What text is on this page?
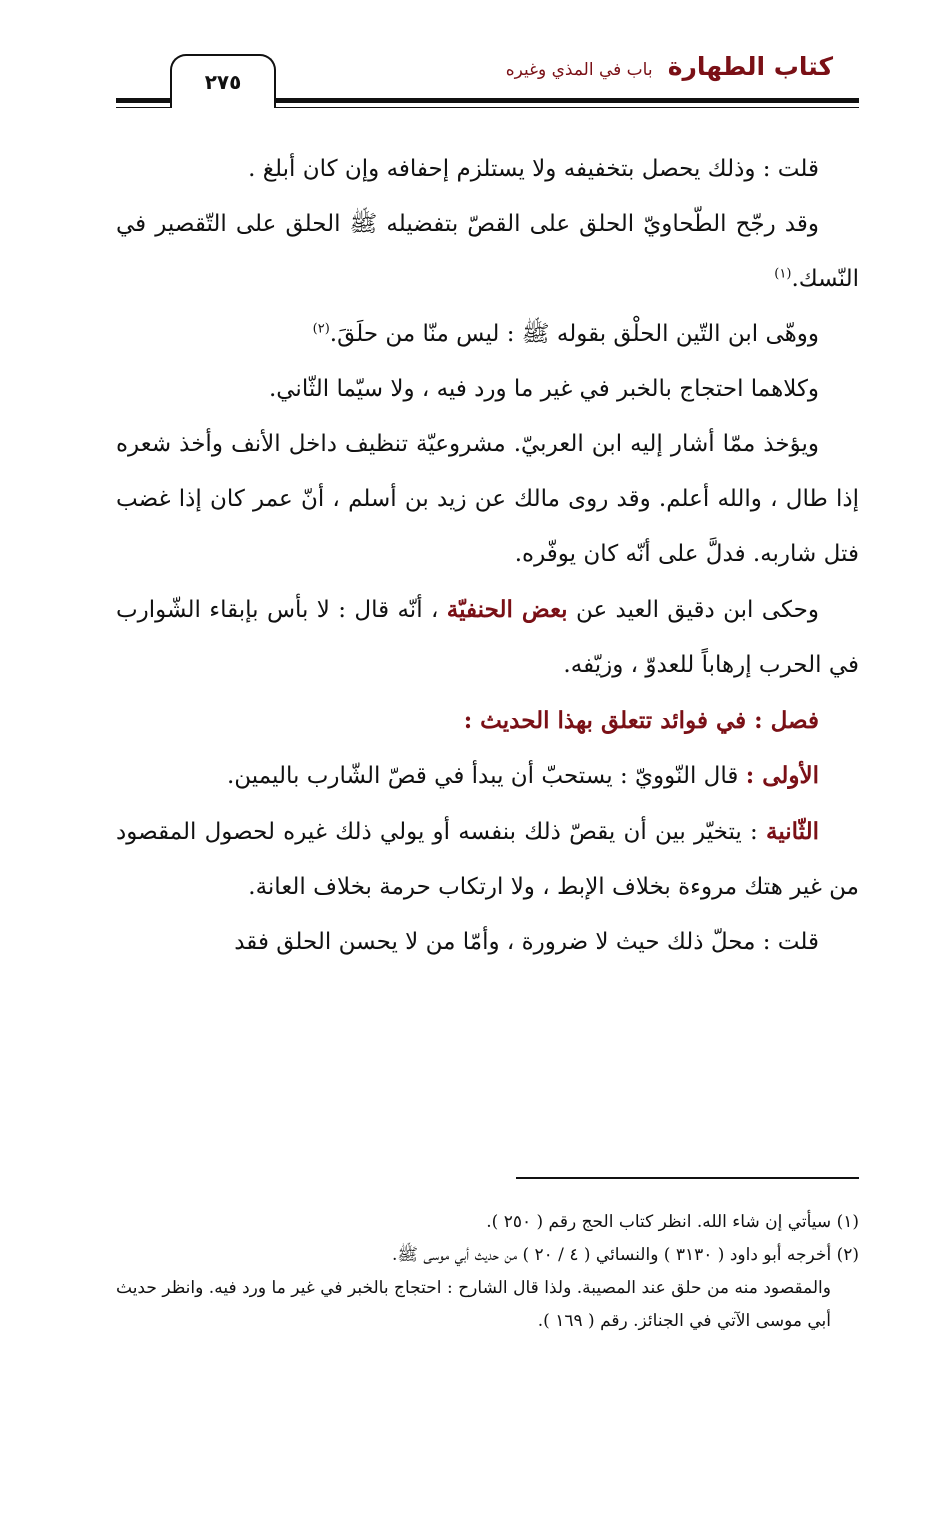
كتاب الطهارة باب في المذي وغيره
٢٧٥

قلت : وذلك يحصل بتخفيفه ولا يستلزم إحفافه وإن كان أبلغ .

وقد رجّح الطّحاويّ الحلق على القصّ بتفضيله ﷺ الحلق على التّقصير في النّسك.$^{(١)}$

ووهّى ابن التّين الحلْق بقوله ﷺ : ليس منّا من حلَقَ.$^{(٢)}$

وكلاهما احتجاج بالخبر في غير ما ورد فيه ، ولا سيّما الثّاني.

ويؤخذ ممّا أشار إليه ابن العربيّ. مشروعيّة تنظيف داخل الأنف وأخذ شعره إذا طال ، والله أعلم. وقد روى مالك عن زيد بن أسلم ، أنّ عمر كان إذا غضب فتل شاربه. فدلَّ على أنّه كان يوفّره.

وحكى ابن دقيق العيد عن بعض الحنفيّة ، أنّه قال : لا بأس بإبقاء الشّوارب في الحرب إرهاباً للعدوّ ، وزيّفه.

فصل : في فوائد تتعلق بهذا الحديث :

الأولى : قال النّوويّ : يستحبّ أن يبدأ في قصّ الشّارب باليمين.

الثّانية : يتخيّر بين أن يقصّ ذلك بنفسه أو يولي ذلك غيره لحصول المقصود من غير هتك مروءة بخلاف الإبط ، ولا ارتكاب حرمة بخلاف العانة.

قلت : محلّ ذلك حيث لا ضرورة ، وأمّا من لا يحسن الحلق فقد

(١) سيأتي إن شاء الله. انظر كتاب الحج رقم ( ٢٥٠ ).

(٢) أخرجه أبو داود ( ٣١٣٠ ) والنسائي ( ٤ / ٢٠ ) من حديث أبي موسى ﷺ.

والمقصود منه من حلق عند المصيبة. ولذا قال الشارح : احتجاج بالخبر في غير ما ورد فيه. وانظر حديث أبي موسى الآتي في الجنائز. رقم ( ١٦٩ ).
